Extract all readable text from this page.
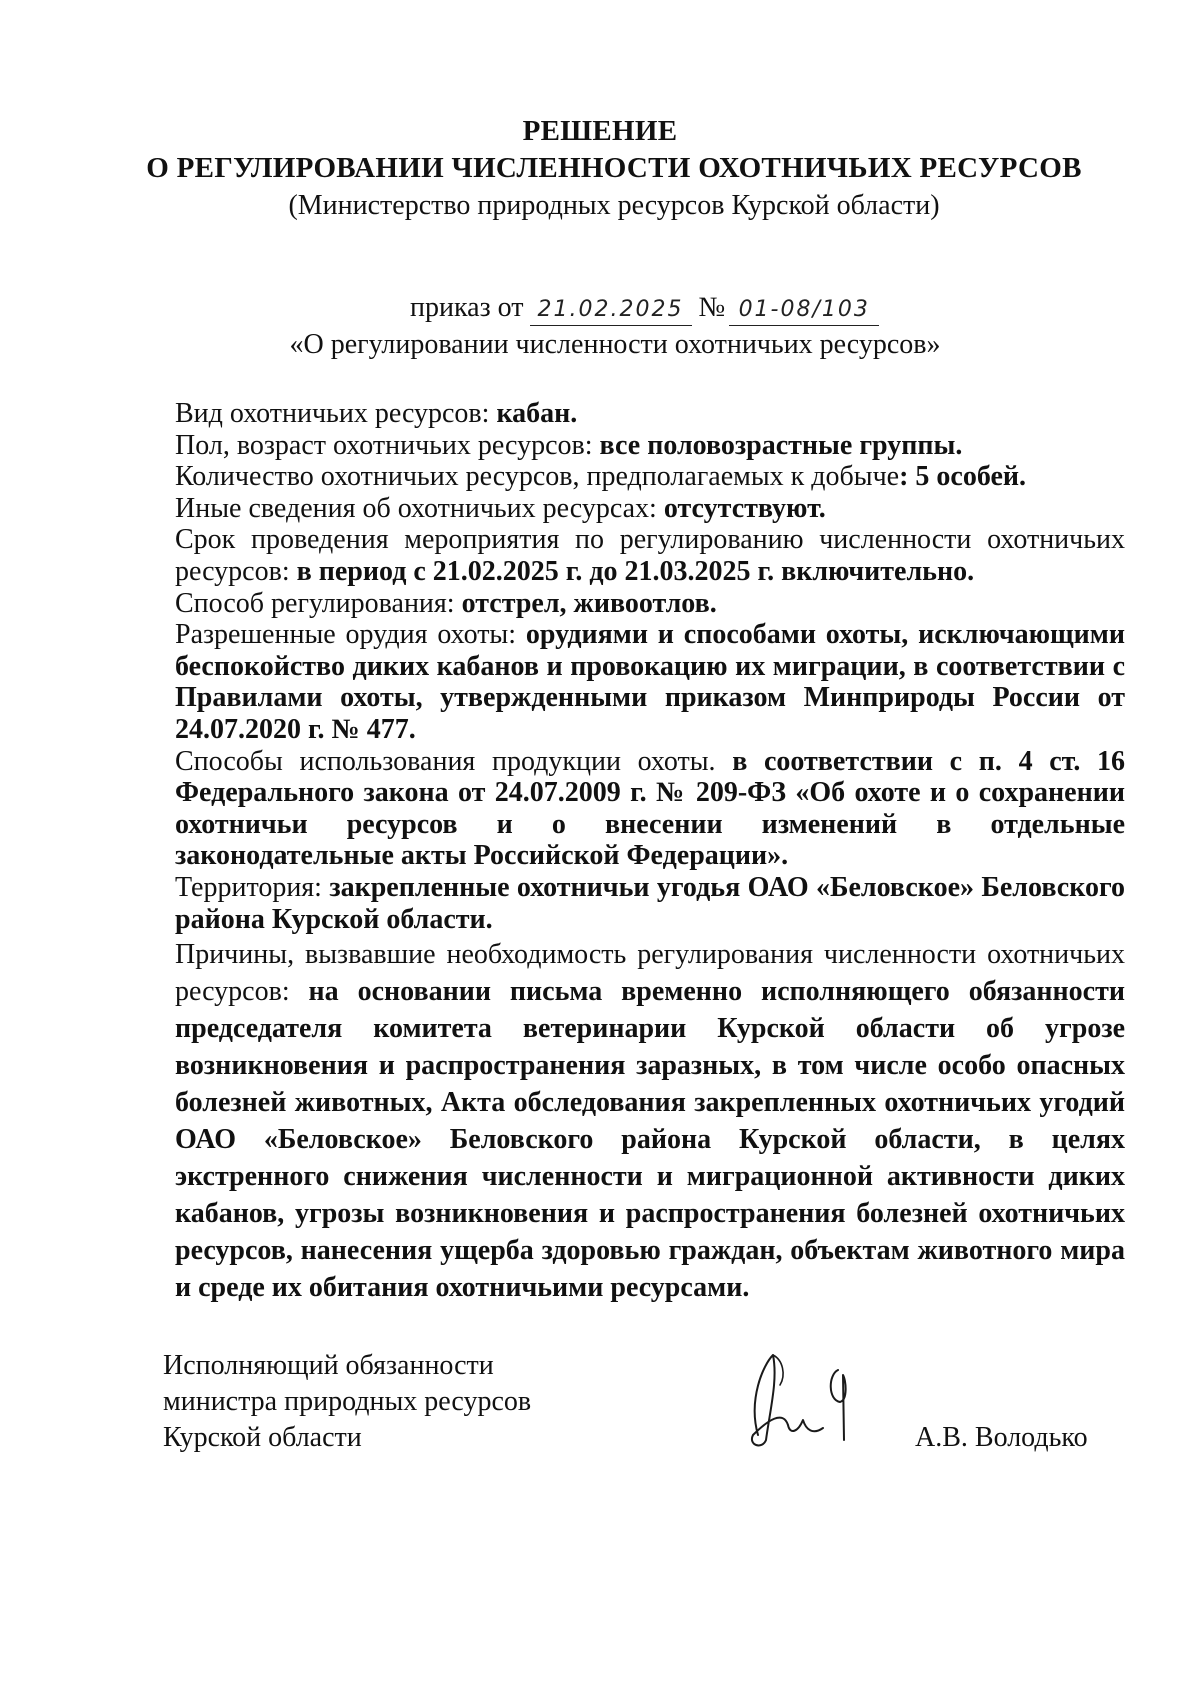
РЕШЕНИЕ
О РЕГУЛИРОВАНИИ ЧИСЛЕННОСТИ ОХОТНИЧЬИХ РЕСУРСОВ
(Министерство природных ресурсов Курской области)
приказ от 21.02.2025 № 01-08/103
«О регулировании численности охотничьих ресурсов»

Вид охотничьих ресурсов: кабан.

Пол, возраст охотничьих ресурсов: все половозрастные группы.

Количество охотничьих ресурсов, предполагаемых к добыче: 5 особей.

Иные сведения об охотничьих ресурсах: отсутствуют.

Срок проведения мероприятия по регулированию численности охотничьих ресурсов: в период с 21.02.2025 г. до 21.03.2025 г. включительно.

Способ регулирования: отстрел, живоотлов.

Разрешенные орудия охоты: орудиями и способами охоты, исключающими беспокойство диких кабанов и провокацию их миграции, в соответствии с Правилами охоты, утвержденными приказом Минприроды России от 24.07.2020 г. № 477.

Способы использования продукции охоты. в соответствии с п. 4 ст. 16 Федерального закона от 24.07.2009 г. № 209-ФЗ «Об охоте и о сохранении охотничьи ресурсов и о внесении изменений в отдельные законодательные акты Российской Федерации».

Территория: закрепленные охотничьи угодья ОАО «Беловское» Беловского района Курской области.

Причины, вызвавшие необходимость регулирования численности охотничьих ресурсов: на основании письма временно исполняющего обязанности председателя комитета ветеринарии Курской области об угрозе возникновения и распространения заразных, в том числе особо опасных болезней животных, Акта обследования закрепленных охотничьих угодий ОАО «Беловское» Беловского района Курской области, в целях экстренного снижения численности и миграционной активности диких кабанов, угрозы возникновения и распространения болезней охотничьих ресурсов, нанесения ущерба здоровью граждан, объектам животного мира и среде их обитания охотничьими ресурсами.

Исполняющий обязанности
министра природных ресурсов
Курской области	А.В. Володько
